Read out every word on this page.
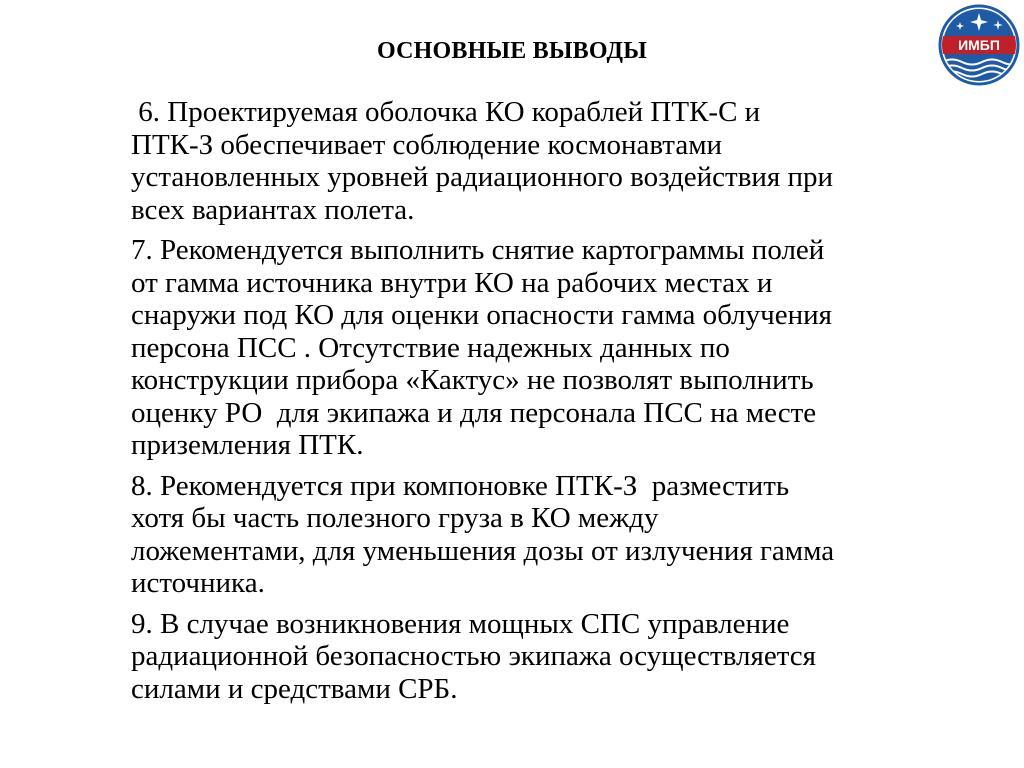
ОСНОВНЫЕ ВЫВОДЫ	ИМБП

6. Проектируемая оболочка КО кораблей ПТК-С и
ПТК-З обеспечивает соблюдение космонавтами
установленных уровней радиационного воздействия при
всех вариантах полета.

7. Рекомендуется выполнить снятие картограммы полей
от гамма источника внутри КО на рабочих местах и
снаружи под КО для оценки опасности гамма облучения
персона ПСС . Отсутствие надежных данных по
конструкции прибора «Кактус» не позволят выполнить
оценку РО  для экипажа и для персонала ПСС на месте
приземления ПТК.

8. Рекомендуется при компоновке ПТК-З  разместить
хотя бы часть полезного груза в КО между
ложементами, для уменьшения дозы от излучения гамма
источника.

9. В случае возникновения мощных СПС управление
радиационной безопасностью экипажа осуществляется
силами и средствами СРБ.
